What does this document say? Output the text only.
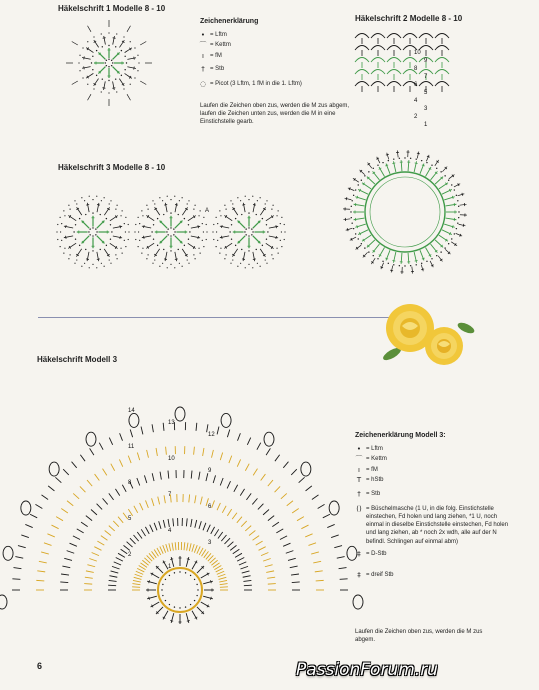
Häkelschrift 1 Modelle 8 - 10
Zeichenerklärung
• = Lftm
⌒ = Kettm
ı	= fM
† = Stb
◌ = Picot (3 Lftm, 1 fM in die 1. Lftm)
Laufen die Zeichen oben zus, werden die M zus abgem, laufen die Zeichen unten zus, werden die M in eine Einstichstelle gearb.
Häkelschrift 2 Modelle 8 - 10
10
9
8
7
6
5
4
3
2
1
Häkelschrift 3 Modelle 8 - 10
A
Häkelschrift Modell 3
14
13
12
11
10
9
8
7
6
5
4
3
2
1
Zeichenerklärung Modell 3:
• = Lftm
⌒ = Kettm
ı	= fM
T = hStb
† = Stb
() = Büschelmasche (1 U, in die folg. Einstichstelle einstechen, Fd holen und lang ziehen, *1 U, noch einmal in dieselbe Einstichstelle einstechen, Fd holen und lang ziehen, ab * noch 2x wdh, alle auf der N befindl. Schlingen auf einmal abm)
‡ = D-Stb
‡ = dreif Stb
Laufen die Zeichen oben zus, werden die M zus abgem.
6	PassionForum.ru
